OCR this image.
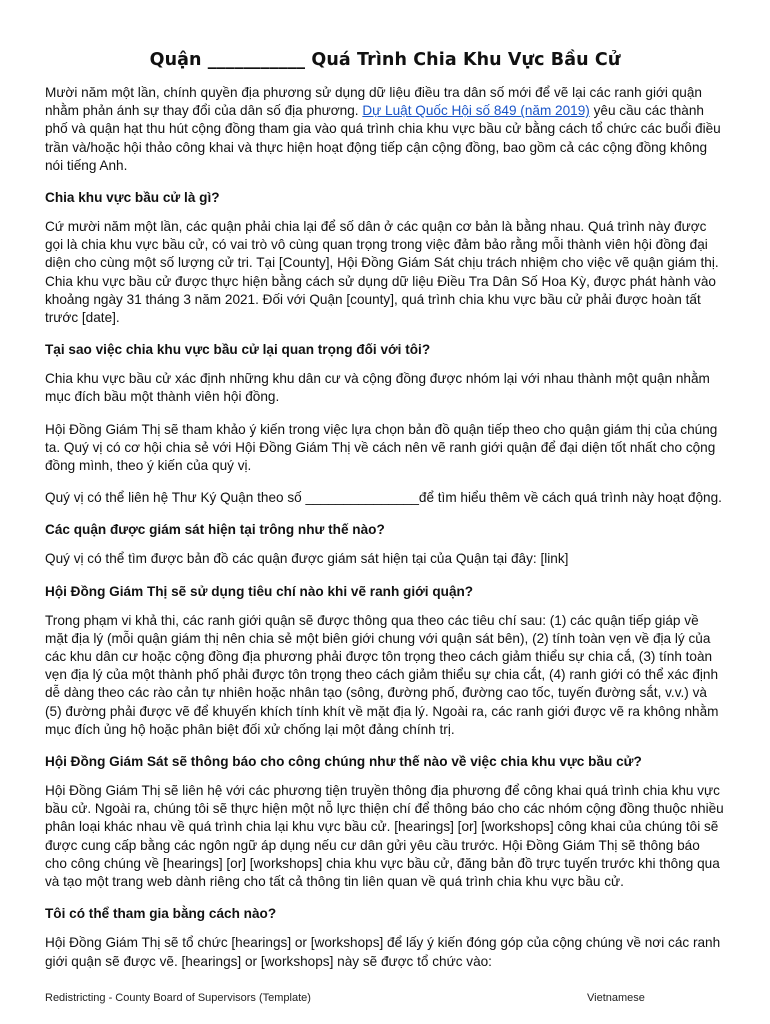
Quận ___________ Quá Trình Chia Khu Vực Bầu Cử

Mười năm một lần, chính quyền địa phương sử dụng dữ liệu điều tra dân số mới để vẽ lại các ranh giới quận nhằm phản ánh sự thay đổi của dân số địa phương. Dự Luật Quốc Hội số 849 (năm 2019) yêu cầu các thành phố và quận hạt thu hút cộng đồng tham gia vào quá trình chia khu vực bầu cử bằng cách tổ chức các buổi điều trần và/hoặc hội thảo công khai và thực hiện hoạt động tiếp cận cộng đồng, bao gồm cả các cộng đồng không nói tiếng Anh.

Chia khu vực bầu cử là gì?

Cứ mười năm một lần, các quận phải chia lại để số dân ở các quận cơ bản là bằng nhau. Quá trình này được gọi là chia khu vực bầu cử, có vai trò vô cùng quan trọng trong việc đảm bảo rằng mỗi thành viên hội đồng đại diện cho cùng một số lượng cử tri. Tại [County], Hội Đồng Giám Sát chịu trách nhiệm cho việc vẽ quận giám thị. Chia khu vực bầu cử được thực hiện bằng cách sử dụng dữ liệu Điều Tra Dân Số Hoa Kỳ, được phát hành vào khoảng ngày 31 tháng 3 năm 2021. Đối với Quận [county], quá trình chia khu vực bầu cử phải được hoàn tất trước [date].

Tại sao việc chia khu vực bầu cử lại quan trọng đối với tôi?

Chia khu vực bầu cử xác định những khu dân cư và cộng đồng được nhóm lại với nhau thành một quận nhằm mục đích bầu một thành viên hội đồng.

Hội Đồng Giám Thị sẽ tham khảo ý kiến trong việc lựa chọn bản đồ quận tiếp theo cho quận giám thị của chúng ta. Quý vị có cơ hội chia sẻ với Hội Đồng Giám Thị về cách nên vẽ ranh giới quận để đại diện tốt nhất cho cộng đồng mình, theo ý kiến của quý vị.

Quý vị có thể liên hệ Thư Ký Quận theo số _______________để tìm hiểu thêm về cách quá trình này hoạt động.

Các quận được giám sát hiện tại trông như thế nào?

Quý vị có thể tìm được bản đồ các quận được giám sát hiện tại của Quận tại đây: [link]

Hội Đồng Giám Thị sẽ sử dụng tiêu chí nào khi vẽ ranh giới quận?

Trong phạm vi khả thi, các ranh giới quận sẽ được thông qua theo các tiêu chí sau: (1) các quận tiếp giáp về mặt địa lý (mỗi quận giám thị nên chia sẻ một biên giới chung với quận sát bên), (2) tính toàn vẹn về địa lý của các khu dân cư hoặc cộng đồng địa phương phải được tôn trọng theo cách giảm thiểu sự chia cắ, (3) tính toàn vẹn địa lý của một thành phố phải được tôn trọng theo cách giảm thiểu sự chia cắt, (4) ranh giới có thể xác định dễ dàng theo các rào cản tự nhiên hoặc nhân tạo (sông, đường phố, đường cao tốc, tuyến đường sắt, v.v.) và (5) đường phải được vẽ để khuyến khích tính khít về mặt địa lý. Ngoài ra, các ranh giới được vẽ ra không nhằm mục đích ủng hộ hoặc phân biệt đối xử chống lại một đảng chính trị.

Hội Đồng Giám Sát sẽ thông báo cho công chúng như thế nào về việc chia khu vực bầu cử?

Hội Đồng Giám Thị sẽ liên hệ với các phương tiện truyền thông địa phương để công khai quá trình chia khu vực bầu cử. Ngoài ra, chúng tôi sẽ thực hiện một nỗ lực thiện chí để thông báo cho các nhóm cộng đồng thuộc nhiều phân loại khác nhau về quá trình chia lại khu vực bầu cử. [hearings] [or] [workshops] công khai của chúng tôi sẽ được cung cấp bằng các ngôn ngữ áp dụng nếu cư dân gửi yêu cầu trước. Hội Đồng Giám Thị sẽ thông báo cho công chúng về [hearings] [or] [workshops] chia khu vực bầu cử, đăng bản đồ trực tuyến trước khi thông qua và tạo một trang web dành riêng cho tất cả thông tin liên quan về quá trình chia khu vực bầu cử.

Tôi có thể tham gia bằng cách nào?

Hội Đồng Giám Thị sẽ tổ chức [hearings] or [workshops] để lấy ý kiến đóng góp của cộng chúng về nơi các ranh giới quận sẽ được vẽ. [hearings] or [workshops] này sẽ được tổ chức vào:

Redistricting - County Board of Supervisors (Template)	Vietnamese
